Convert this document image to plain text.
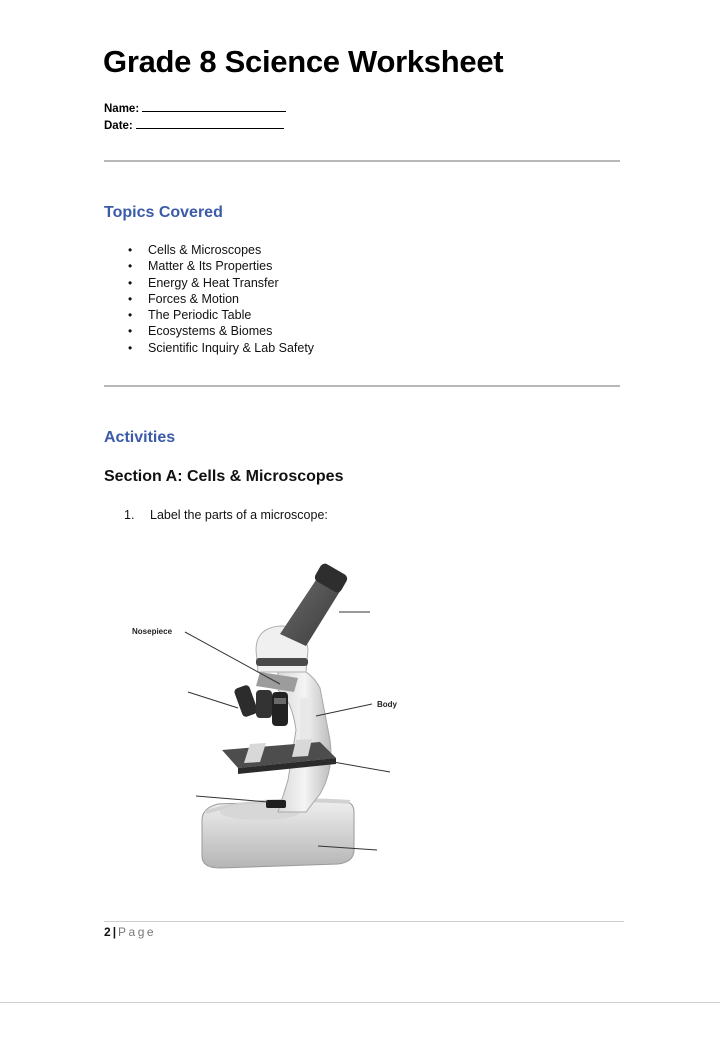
Grade 8 Science Worksheet
Name:
Date:
Topics Covered
• Cells & Microscopes
• Matter & Its Properties
• Energy & Heat Transfer
• Forces & Motion
• The Periodic Table
• Ecosystems & Biomes
• Scientific Inquiry & Lab Safety
Activities
Section A: Cells & Microscopes
1. Label the parts of a microscope:
Nosepiece
Body
2 | Page
